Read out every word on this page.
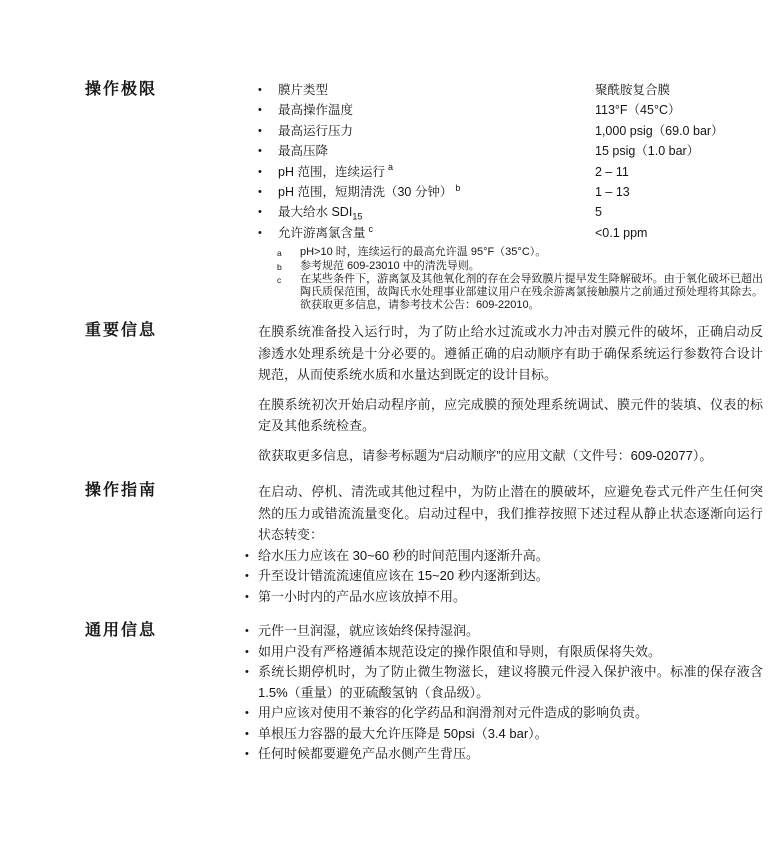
操作极限	•	膜片类型	聚酰胺复合膜
•	最高操作温度	113°F（45°C）
•	最高运行压力	1,000 psig（69.0 bar）
•	最高压降	15 psig（1.0 bar）
•	pH 范围，连续运行 $^a$	2 – 11
•	pH 范围，短期清洗（30 分钟） $^b$	1 – 13
•	最大给水 $SDI_{15}$	5
•	允许游离氯含量 $^c$	<0.1 ppm
a	pH>10 时，连续运行的最高允许温 95°F（35°C）。
b	参考规范 609-23010 中的清洗导则。
c	在某些条件下，游离氯及其他氧化剂的存在会导致膜片提早发生降解破坏。由于氧化破坏已超出陶氏质保范围，故陶氏水处理事业部建议用户在残余游离氯接触膜片之前通过预处理将其除去。欲获取更多信息，请参考技术公告：609-22010。
重要信息	在膜系统准备投入运行时，为了防止给水过流或水力冲击对膜元件的破坏，正确启动反渗透水处理系统是十分必要的。遵循正确的启动顺序有助于确保系统运行参数符合设计规范，从而使系统水质和水量达到既定的设计目标。

在膜系统初次开始启动程序前，应完成膜的预处理系统调试、膜元件的装填、仪表的标定及其他系统检查。

欲获取更多信息，请参考标题为“启动顺序”的应用文献（文件号：609-02077）。

操作指南	在启动、停机、清洗或其他过程中，为防止潜在的膜破坏，应避免卷式元件产生任何突然的压力或错流流量变化。启动过程中，我们推荐按照下述过程从静止状态逐渐向运行状态转变：

• 给水压力应该在 30~60 秒的时间范围内逐渐升高。
• 升至设计错流流速值应该在 15~20 秒内逐渐到达。
• 第一小时内的产品水应该放掉不用。
通用信息	• 元件一旦润湿，就应该始终保持湿润。
• 如用户没有严格遵循本规范设定的操作限值和导则，有限质保将失效。
• 系统长期停机时，为了防止微生物滋长，建议将膜元件浸入保护液中。标准的保存液含 1.5%（重量）的亚硫酸氢钠（食品级）。
• 用户应该对使用不兼容的化学药品和润滑剂对元件造成的影响负责。
• 单根压力容器的最大允许压降是 50psi（3.4 bar）。
• 任何时候都要避免产品水侧产生背压。
